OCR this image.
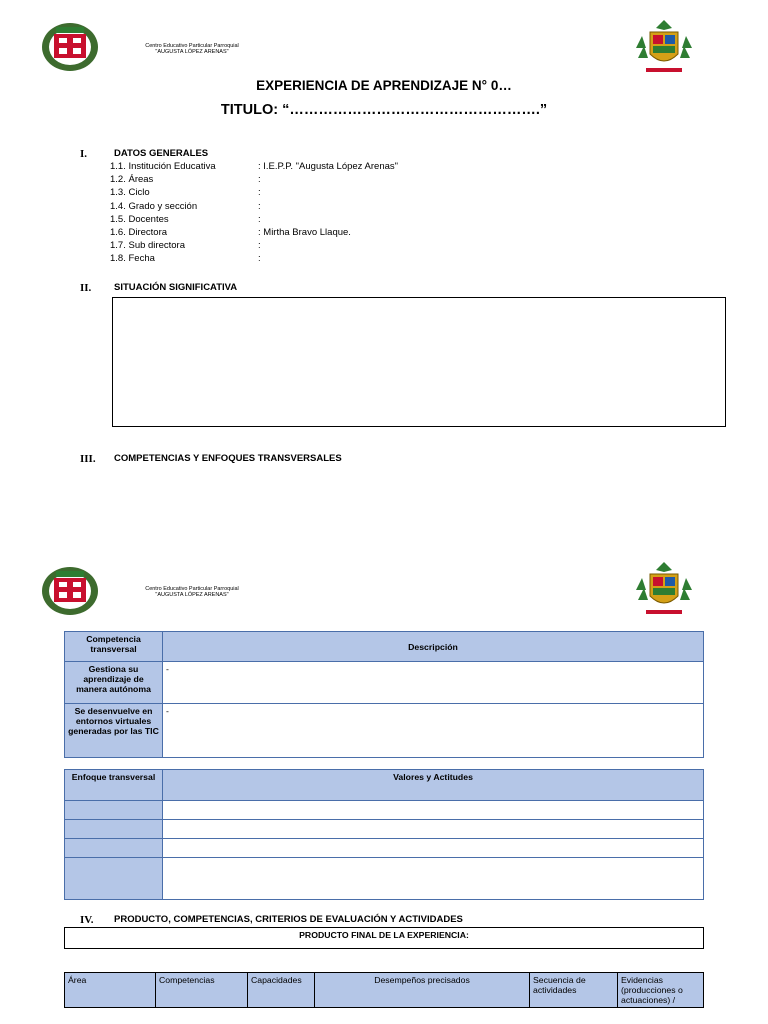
Centro Educativo Particular Parroquial
"AUGUSTA LÓPEZ ARENAS"
EXPERIENCIA DE APRENDIZAJE N° 0…
TITULO: “…………………………………………….”
I.	DATOS GENERALES
1.1. Institución Educativa	: I.E.P.P. "Augusta López Arenas"
1.2. Áreas	:
1.3. Ciclo	:
1.4. Grado y sección	:
1.5. Docentes	:
1.6. Directora	: Mirtha Bravo Llaque.
1.7. Sub directora	:
1.8. Fecha	:
II. SITUACIÓN SIGNIFICATIVA
III. COMPETENCIAS Y ENFOQUES TRANSVERSALES
Centro Educativo Particular Parroquial
"AUGUSTA LÓPEZ ARENAS"
Competencia transversal	Descripción
Gestiona su aprendizaje de manera autónoma	-
Se desenvuelve en entornos virtuales generadas por las TIC	-
Enfoque transversal	Valores y Actitudes

IV. PRODUCTO, COMPETENCIAS, CRITERIOS DE EVALUACIÓN Y ACTIVIDADES
PRODUCTO FINAL DE LA EXPERIENCIA:
Área	Competencias	Capacidades	Desempeños precisados	Secuencia de actividades	Evidencias (producciones o actuaciones) /
